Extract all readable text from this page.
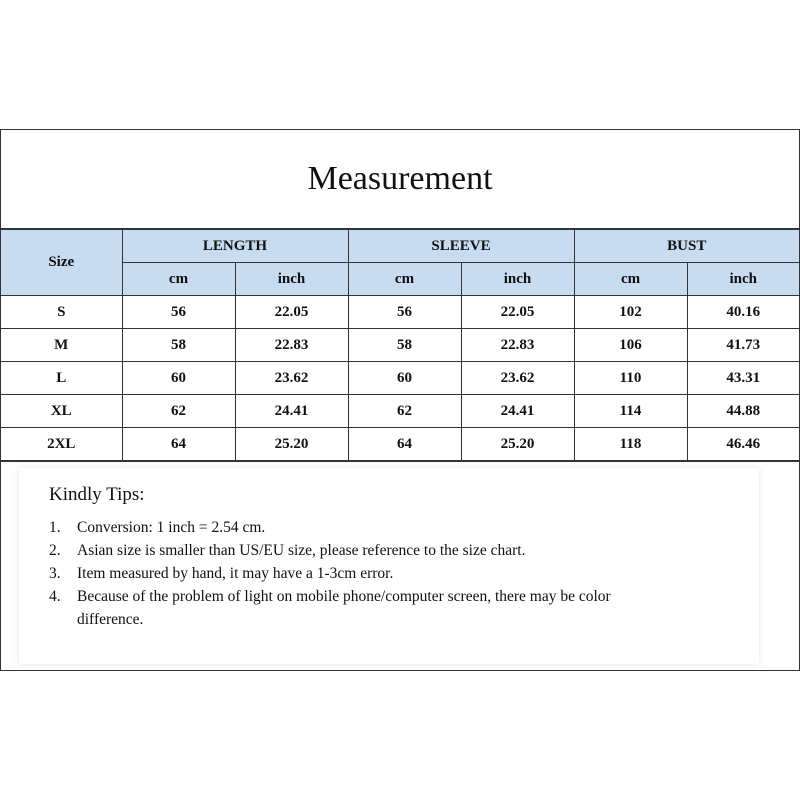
Measurement
Size	LENGTH		SLEEVE		BUST	
	cm	inch	cm	inch	cm	inch
S	56	22.05	56	22.05	102	40.16
M	58	22.83	58	22.83	106	41.73
L	60	23.62	60	23.62	110	43.31
XL	62	24.41	62	24.41	114	44.88
2XL	64	25.20	64	25.20	118	46.46
Kindly Tips:
1.	Conversion: 1 inch = 2.54 cm.
2.	Asian size is smaller than US/EU size, please reference to the size chart.
3.	Item measured by hand, it may have a 1-3cm error.
4.	Because of the problem of light on mobile phone/computer screen, there may be color difference.
